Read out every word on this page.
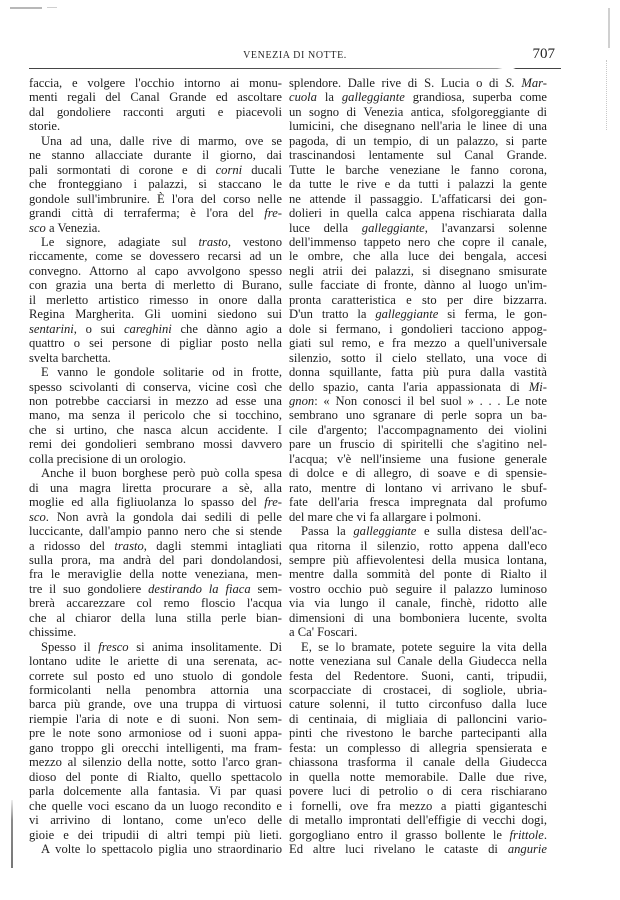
VENEZIA DI NOTTE.	707
faccia, e volgere l'occhio intorno ai monu-
menti regali del Canal Grande ed ascoltare
dal gondoliere racconti arguti e piacevoli
storie.
Una ad una, dalle rive di marmo, ove se
ne stanno allacciate durante il giorno, dai
pali sormontati di corone e di corni ducali
che fronteggiano i palazzi, si staccano le
gondole sull'imbrunire. È l'ora del corso nelle
grandi città di terraferma; è l'ora del fre-
sco a Venezia.
Le signore, adagiate sul trasto, vestono
riccamente, come se dovessero recarsi ad un
convegno. Attorno al capo avvolgono spesso
con grazia una berta di merletto di Burano,
il merletto artistico rimesso in onore dalla
Regina Margherita. Gli uomini siedono sui
sentarini, o sui careghini che dànno agio a
quattro o sei persone di pigliar posto nella
svelta barchetta.
E vanno le gondole solitarie od in frotte,
spesso scivolanti di conserva, vicine così che
non potrebbe cacciarsi in mezzo ad esse una
mano, ma senza il pericolo che si tocchino,
che si urtino, che nasca alcun accidente. I
remi dei gondolieri sembrano mossi davvero
colla precisione di un orologio.
Anche il buon borghese però può colla spesa
di una magra liretta procurare a sè, alla
moglie ed alla figliuolanza lo spasso del fre-
sco. Non avrà la gondola dai sedili di pelle
luccicante, dall'ampio panno nero che si stende
a ridosso del trasto, dagli stemmi intagliati
sulla prora, ma andrà del pari dondolandosi,
fra le meraviglie della notte veneziana, men-
tre il suo gondoliere destirando la fiaca sem-
brerà accarezzare col remo floscio l'acqua
che al chiaror della luna stilla perle bian-
chissime.
Spesso il fresco si anima insolitamente. Di
lontano udite le ariette di una serenata, ac-
correte sul posto ed uno stuolo di gondole
formicolanti nella penombra attornia una
barca più grande, ove una truppa di virtuosi
riempie l'aria di note e di suoni. Non sem-
pre le note sono armoniose od i suoni appa-
gano troppo gli orecchi intelligenti, ma fram-
mezzo al silenzio della notte, sotto l'arco gran-
dioso del ponte di Rialto, quello spettacolo
parla dolcemente alla fantasia. Vi par quasi
che quelle voci escano da un luogo recondito e
vi arrivino di lontano, come un'eco delle
gioie e dei tripudii di altri tempi più lieti.
A volte lo spettacolo piglia uno straordinario
splendore. Dalle rive di S. Lucia o di S. Mar-
cuola la galleggiante grandiosa, superba come
un sogno di Venezia antica, sfolgoreggiante di
lumicini, che disegnano nell'aria le linee di una
pagoda, di un tempio, di un palazzo, si parte
trascinandosi lentamente sul Canal Grande.
Tutte le barche veneziane le fanno corona,
da tutte le rive e da tutti i palazzi la gente
ne attende il passaggio. L'affaticarsi dei gon-
dolieri in quella calca appena rischiarata dalla
luce della galleggiante, l'avanzarsi solenne
dell'immenso tappeto nero che copre il canale,
le ombre, che alla luce dei bengala, accesi
negli atrii dei palazzi, si disegnano smisurate
sulle facciate di fronte, dànno al luogo un'im-
pronta caratteristica e sto per dire bizzarra.
D'un tratto la galleggiante si ferma, le gon-
dole si fermano, i gondolieri tacciono appog-
giati sul remo, e fra mezzo a quell'universale
silenzio, sotto il cielo stellato, una voce di
donna squillante, fatta più pura dalla vastità
dello spazio, canta l'aria appassionata di Mi-
gnon: « Non conosci il bel suol » . . . Le note
sembrano uno sgranare di perle sopra un ba-
cile d'argento; l'accompagnamento dei violini
pare un fruscio di spiritelli che s'agitino nel-
l'acqua; v'è nell'insieme una fusione generale
di dolce e di allegro, di soave e di spensie-
rato, mentre di lontano vi arrivano le sbuf-
fate dell'aria fresca impregnata dal profumo
del mare che vi fa allargare i polmoni.
Passa la galleggiante e sulla distesa dell'ac-
qua ritorna il silenzio, rotto appena dall'eco
sempre più affievolentesi della musica lontana,
mentre dalla sommità del ponte di Rialto il
vostro occhio può seguire il palazzo luminoso
via via lungo il canale, finchè, ridotto alle
dimensioni di una bomboniera lucente, svolta
a Ca' Foscari.
E, se lo bramate, potete seguire la vita della
notte veneziana sul Canale della Giudecca nella
festa del Redentore. Suoni, canti, tripudii,
scorpacciate di crostacei, di sogliole, ubria-
cature solenni, il tutto circonfuso dalla luce
di centinaia, di migliaia di palloncini vario-
pinti che rivestono le barche partecipanti alla
festa: un complesso di allegria spensierata e
chiassona trasforma il canale della Giudecca
in quella notte memorabile. Dalle due rive,
povere luci di petrolio o di cera rischiarano
i fornelli, ove fra mezzo a piatti giganteschi
di metallo improntati dell'effigie di vecchi dogi,
gorgogliano entro il grasso bollente le frittole.
Ed altre luci rivelano le cataste di angurie
